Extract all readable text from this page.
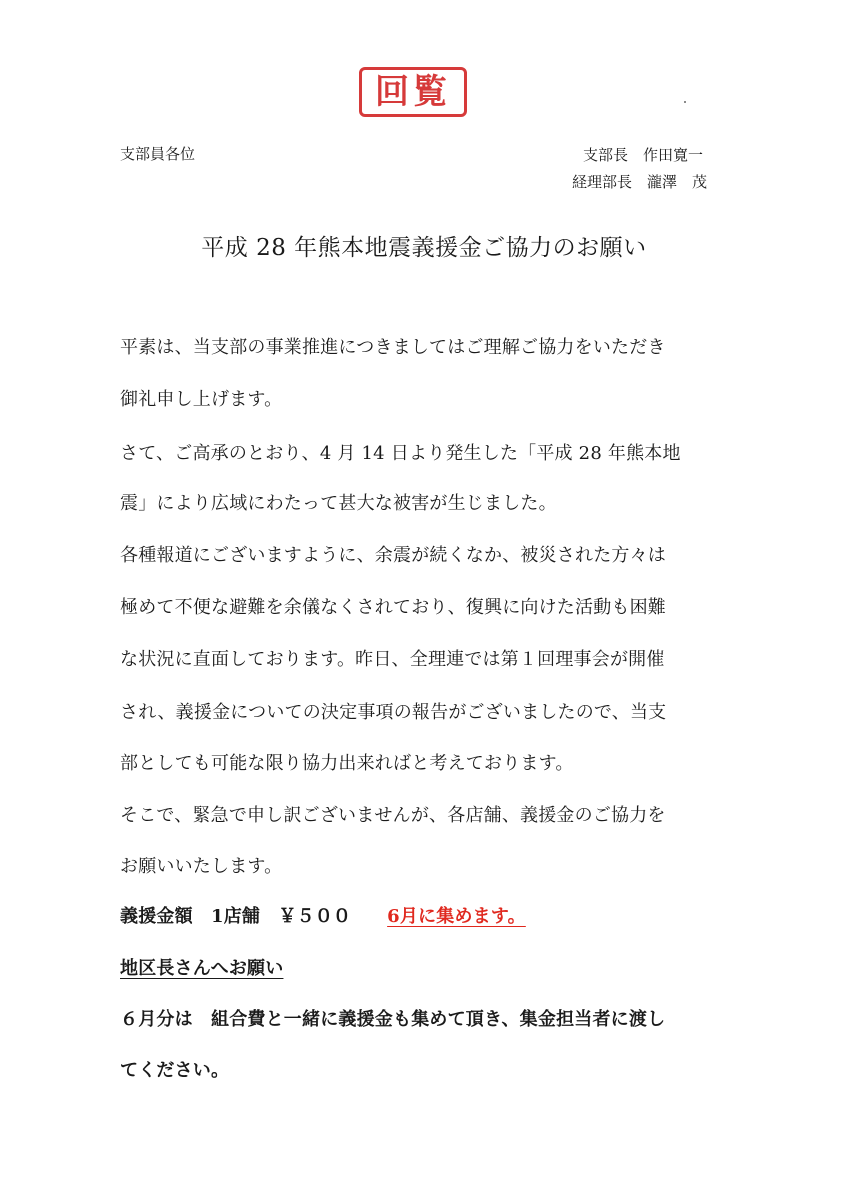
回覧
支部員各位	支部長　作田寛一
経理部長　瀧澤　茂
平成 28 年熊本地震義援金ご協力のお願い
平素は、当支部の事業推進につきましてはご理解ご協力をいただき
御礼申し上げます。
さて、ご高承のとおり、4 月 14 日より発生した「平成 28 年熊本地
震」により広域にわたって甚大な被害が生じました。
各種報道にございますように、余震が続くなか、被災された方々は
極めて不便な避難を余儀なくされており、復興に向けた活動も困難
な状況に直面しております。昨日、全理連では第１回理事会が開催
され、義援金についての決定事項の報告がございましたので、当支
部としても可能な限り協力出来ればと考えております。
そこで、緊急で申し訳ございませんが、各店舗、義援金のご協力を
お願いいたします。
義援金額　1店舗　￥５００ 6月に集めます。
地区長さんへお願い
６月分は　組合費と一緒に義援金も集めて頂き、集金担当者に渡し
てください。
